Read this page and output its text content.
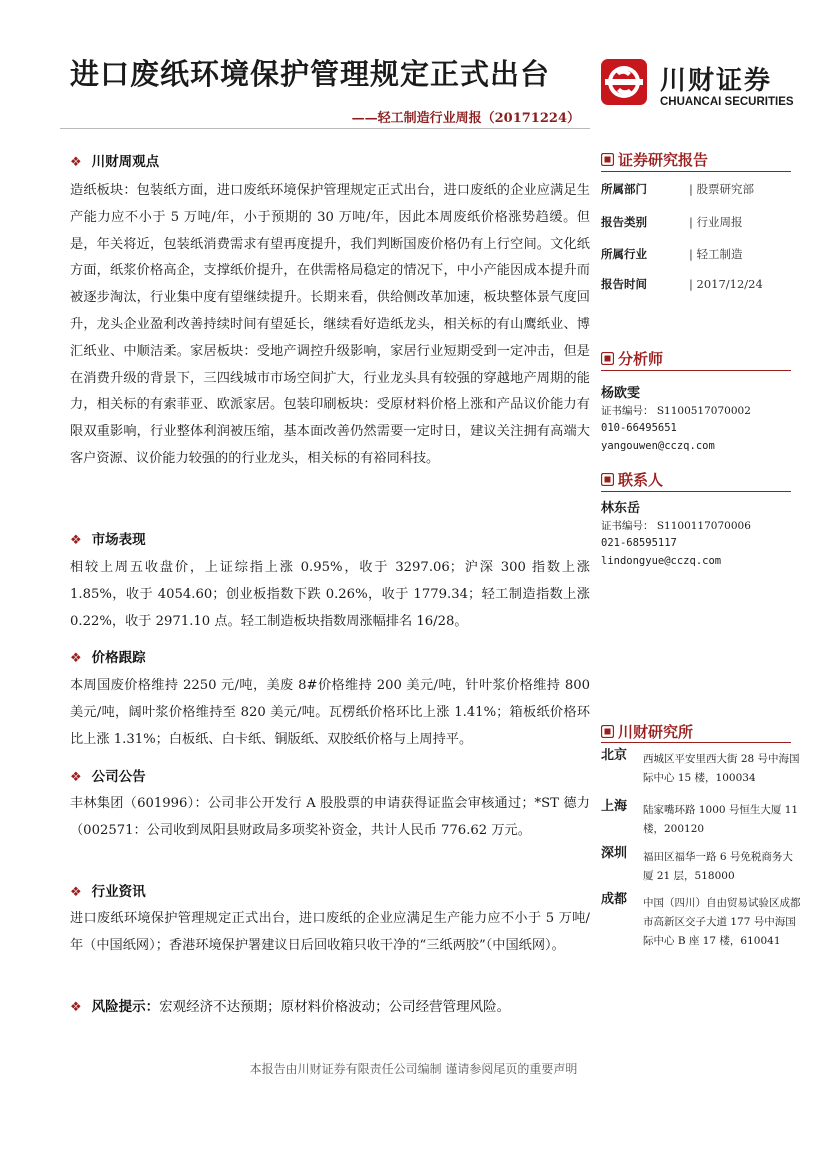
进口废纸环境保护管理规定正式出台
——轻工制造行业周报（20171224）
川财证券
CHUANCAI SECURITIES
❖ 川财周观点

造纸板块：包装纸方面，进口废纸环境保护管理规定正式出台，进口废纸的企业应满足生产能力应不小于 5 万吨/年，小于预期的 30 万吨/年，因此本周废纸价格涨势趋缓。但是，年关将近，包装纸消费需求有望再度提升，我们判断国废价格仍有上行空间。文化纸方面，纸浆价格高企，支撑纸价提升，在供需格局稳定的情况下，中小产能因成本提升而被逐步淘汰，行业集中度有望继续提升。长期来看，供给侧改革加速，板块整体景气度回升，龙头企业盈利改善持续时间有望延长，继续看好造纸龙头，相关标的有山鹰纸业、博汇纸业、中顺洁柔。家居板块：受地产调控升级影响，家居行业短期受到一定冲击，但是在消费升级的背景下，三四线城市市场空间扩大，行业龙头具有较强的穿越地产周期的能力，相关标的有索菲亚、欧派家居。包装印刷板块：受原材料价格上涨和产品议价能力有限双重影响，行业整体利润被压缩，基本面改善仍然需要一定时日，建议关注拥有高端大客户资源、议价能力较强的的行业龙头，相关标的有裕同科技。

❖ 市场表现

相较上周五收盘价，上证综指上涨 0.95%，收于 3297.06；沪深 300 指数上涨 1.85%，收于 4054.60；创业板指数下跌 0.26%，收于 1779.34；轻工制造指数上涨 0.22%，收于 2971.10 点。轻工制造板块指数周涨幅排名 16/28。

❖ 价格跟踪

本周国废价格维持 2250 元/吨，美废 8#价格维持 200 美元/吨，针叶浆价格维持 800 美元/吨，阔叶浆价格维持至 820 美元/吨。瓦楞纸价格环比上涨 1.41%；箱板纸价格环比上涨 1.31%；白板纸、白卡纸、铜版纸、双胶纸价格与上周持平。

❖ 公司公告

丰林集团（601996）：公司非公开发行 A 股股票的申请获得证监会审核通过；*ST 德力（002571：公司收到凤阳县财政局多项奖补资金，共计人民币 776.62 万元。

❖ 行业资讯

进口废纸环境保护管理规定正式出台，进口废纸的企业应满足生产能力应不小于 5 万吨/年（中国纸网）；香港环境保护署建议日后回收箱只收干净的“三纸两胶”（中国纸网）。

❖ 风险提示：宏观经济不达预期；原材料价格波动；公司经营管理风险。
证券研究报告
所属部门	| 股票研究部
报告类别	| 行业周报
所属行业	| 轻工制造
报告时间	| 2017/12/24
分析师
杨欧雯
证书编号： S1100517070002
010-66495651
yangouwen@cczq.com
联系人
林东岳
证书编号： S1100117070006
021-68595117
lindongyue@cczq.com
川财研究所
北京 西城区平安里西大街 28 号中海国际中心 15 楼，100034
上海 陆家嘴环路 1000 号恒生大厦 11 楼，200120
深圳 福田区福华一路 6 号免税商务大厦 21 层，518000
成都 中国（四川）自由贸易试验区成都市高新区交子大道 177 号中海国际中心 B 座 17 楼，610041
本报告由川财证券有限责任公司编制 谨请参阅尾页的重要声明
